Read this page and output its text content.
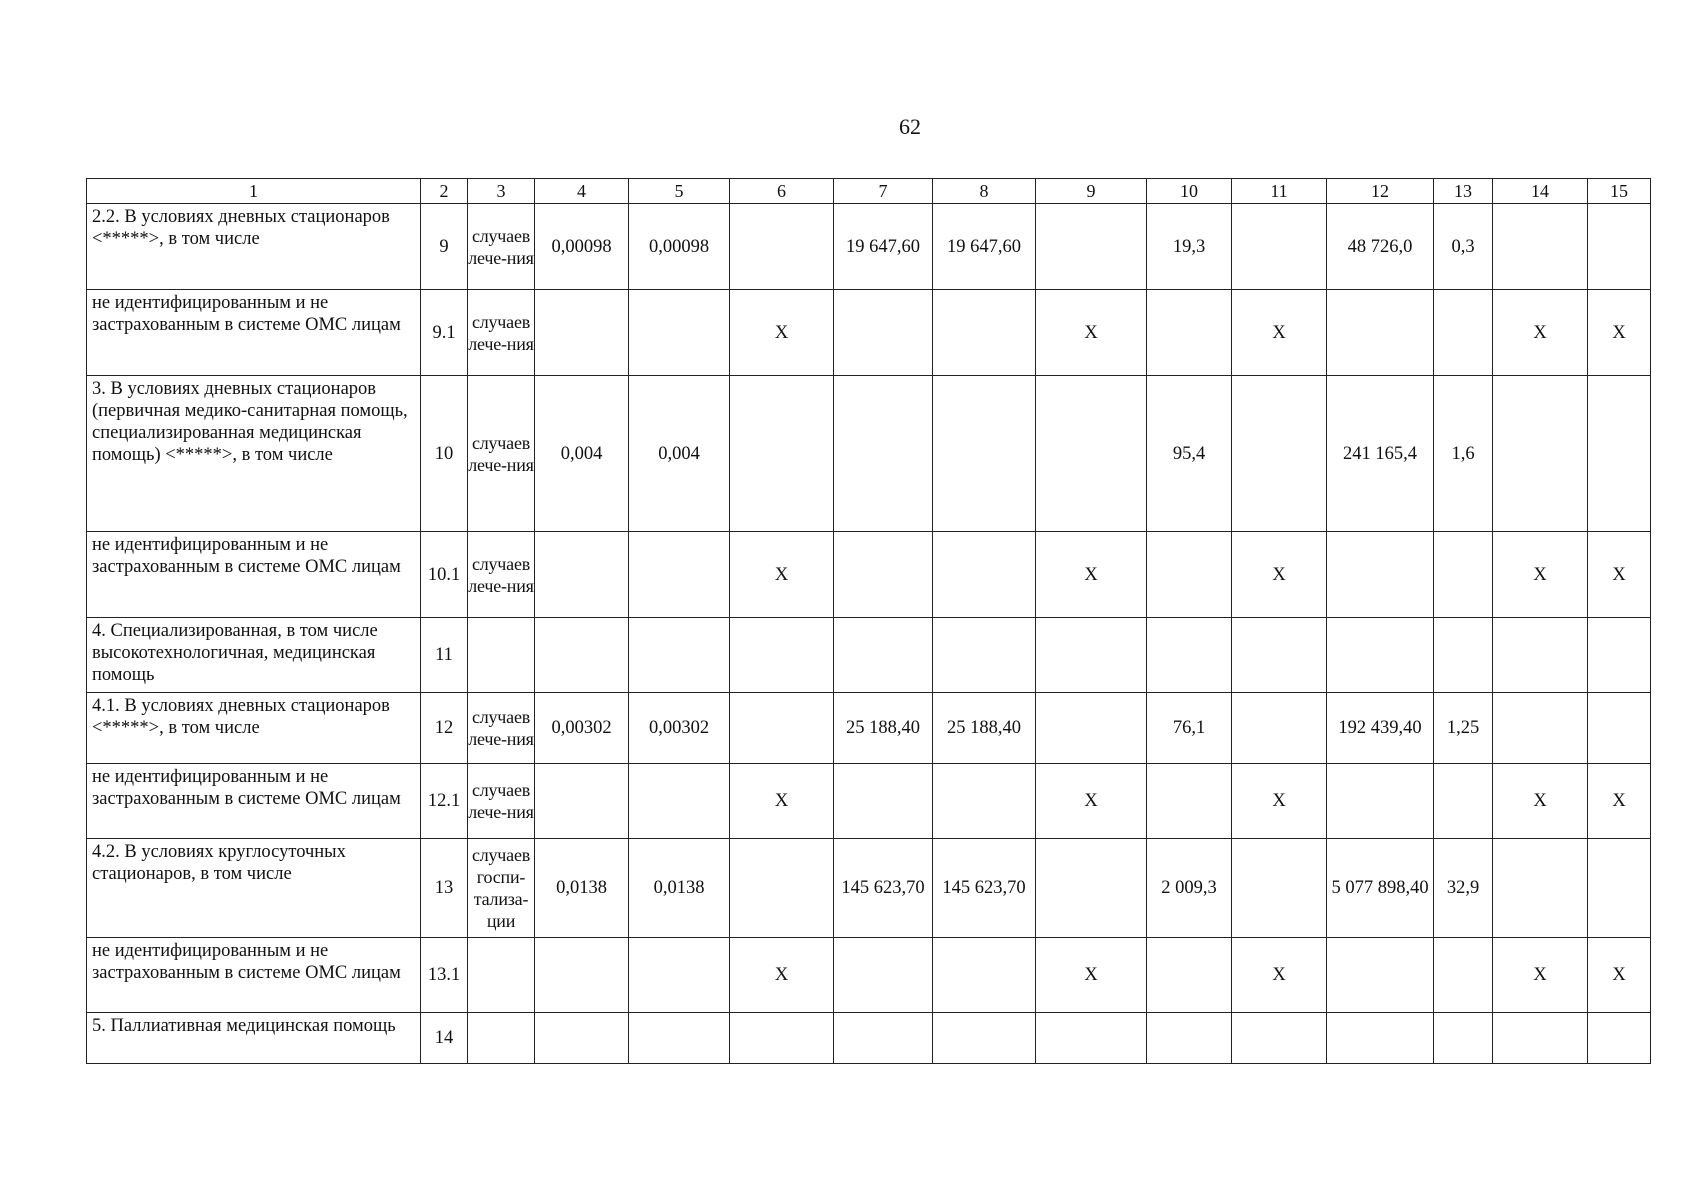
62
1	2	3	4	5	6	7	8	9	10	11	12	13	14	15
2.2. В условиях дневных стационаров <*****>, в том числе	9	случаев лече-ния	0,00098	0,00098		19 647,60	19 647,60		19,3		48 726,0	0,3		
не идентифицированным и не застрахованным в системе ОМС лицам	9.1	случаев лече-ния			X			X		X			X	X
3. В условиях дневных стационаров (первичная медико-санитарная помощь, специализированная медицинская помощь) <*****>, в том числе	10	случаев лече-ния	0,004	0,004					95,4		241 165,4	1,6		
не идентифицированным и не застрахованным в системе ОМС лицам	10.1	случаев лече-ния			X			X		X			X	X
4. Специализированная, в том числе высокотехнологичная, медицинская помощь	11													
4.1. В условиях дневных стационаров <*****>, в том числе	12	случаев лече-ния	0,00302	0,00302		25 188,40	25 188,40		76,1		192 439,40	1,25		
не идентифицированным и не застрахованным в системе ОМС лицам	12.1	случаев лече-ния			X			X		X			X	X
4.2. В условиях круглосуточных стационаров, в том числе	13	случаев госпи-тализа-ции	0,0138	0,0138		145 623,70	145 623,70		2 009,3		5 077 898,40	32,9		
не идентифицированным и не застрахованным в системе ОМС лицам	13.1				X			X		X			X	X
5. Паллиативная медицинская помощь	14													
